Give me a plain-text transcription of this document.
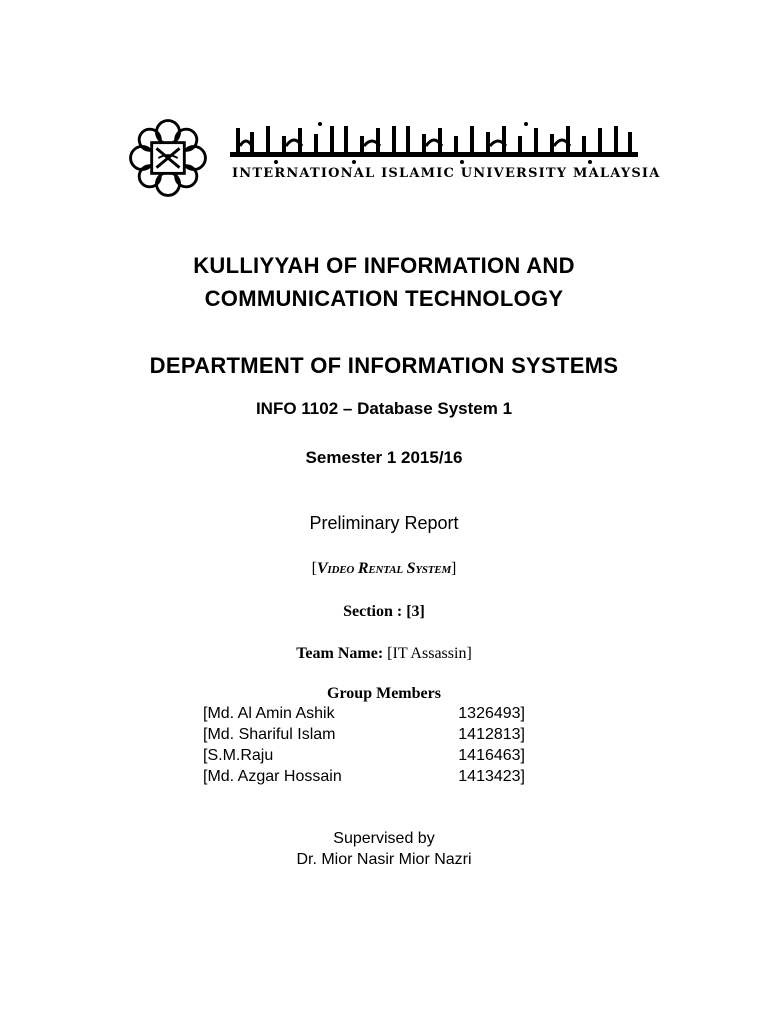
INTERNATIONAL ISLAMIC UNIVERSITY MALAYSIA
KULLIYYAH OF INFORMATION AND
COMMUNICATION TECHNOLOGY
DEPARTMENT OF INFORMATION SYSTEMS
INFO 1102 – Database System 1
Semester 1 2015/16
Preliminary Report
[Video Rental System]
Section : [3]
Team Name: [IT Assassin]
Group Members
[Md. Al Amin Ashik	1326493]
[Md. Shariful Islam	1412813]
[S.M.Raju	1416463]
[Md. Azgar Hossain	1413423]
Supervised by
Dr. Mior Nasir Mior Nazri
